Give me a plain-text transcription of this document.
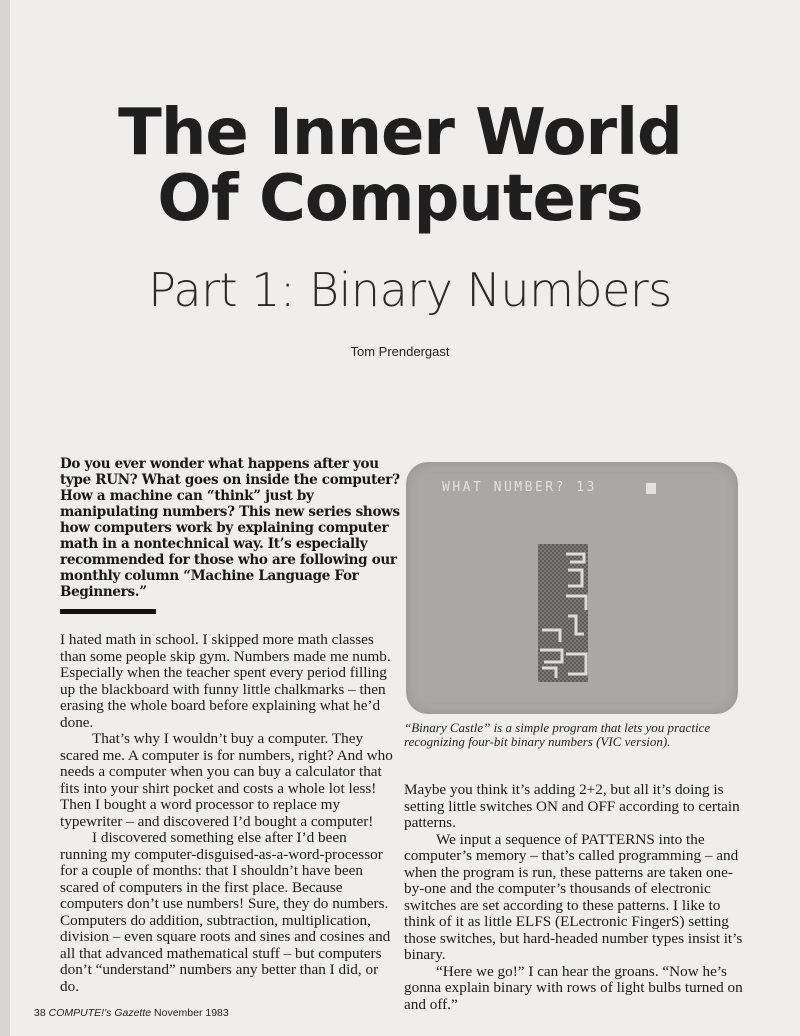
The Inner World
Of Computers
Part 1: Binary Numbers
Tom Prendergast
Do you ever wonder what happens after you type RUN? What goes on inside the computer? How a machine can “think” just by manipulating numbers? This new series shows how computers work by explaining computer math in a nontechnical way. It’s especially recommended for those who are following our monthly column “Machine Language For Beginners.”

I hated math in school. I skipped more math classes than some people skip gym. Numbers made me numb. Especially when the teacher spent every period filling up the blackboard with funny little chalkmarks – then erasing the whole board before explaining what he’d done.

That’s why I wouldn’t buy a computer. They scared me. A computer is for numbers, right? And who needs a computer when you can buy a calculator that fits into your shirt pocket and costs a whole lot less! Then I bought a word processor to replace my typewriter – and discovered I’d bought a computer!

I discovered something else after I’d been running my computer-disguised-as-a-word-processor for a couple of months: that I shouldn’t have been scared of computers in the first place. Because computers don’t use numbers! Sure, they do numbers. Computers do addition, subtraction, multiplication, division – even square roots and sines and cosines and all that advanced mathematical stuff – but computers don’t “understand” numbers any better than I did, or do.

WHAT NUMBER? 13
“Binary Castle” is a simple program that lets you practice recognizing four-bit binary numbers (VIC version).

Maybe you think it’s adding 2+2, but all it’s doing is setting little switches ON and OFF according to certain patterns.

We input a sequence of PATTERNS into the computer’s memory – that’s called programming – and when the program is run, these patterns are taken one-by-one and the computer’s thousands of electronic switches are set according to these patterns. I like to think of it as little ELFS (ELectronic FingerS) setting those switches, but hard-headed number types insist it’s binary.

“Here we go!” I can hear the groans. “Now he’s gonna explain binary with rows of light bulbs turned on and off.”

38 COMPUTE!’s Gazette November 1983
